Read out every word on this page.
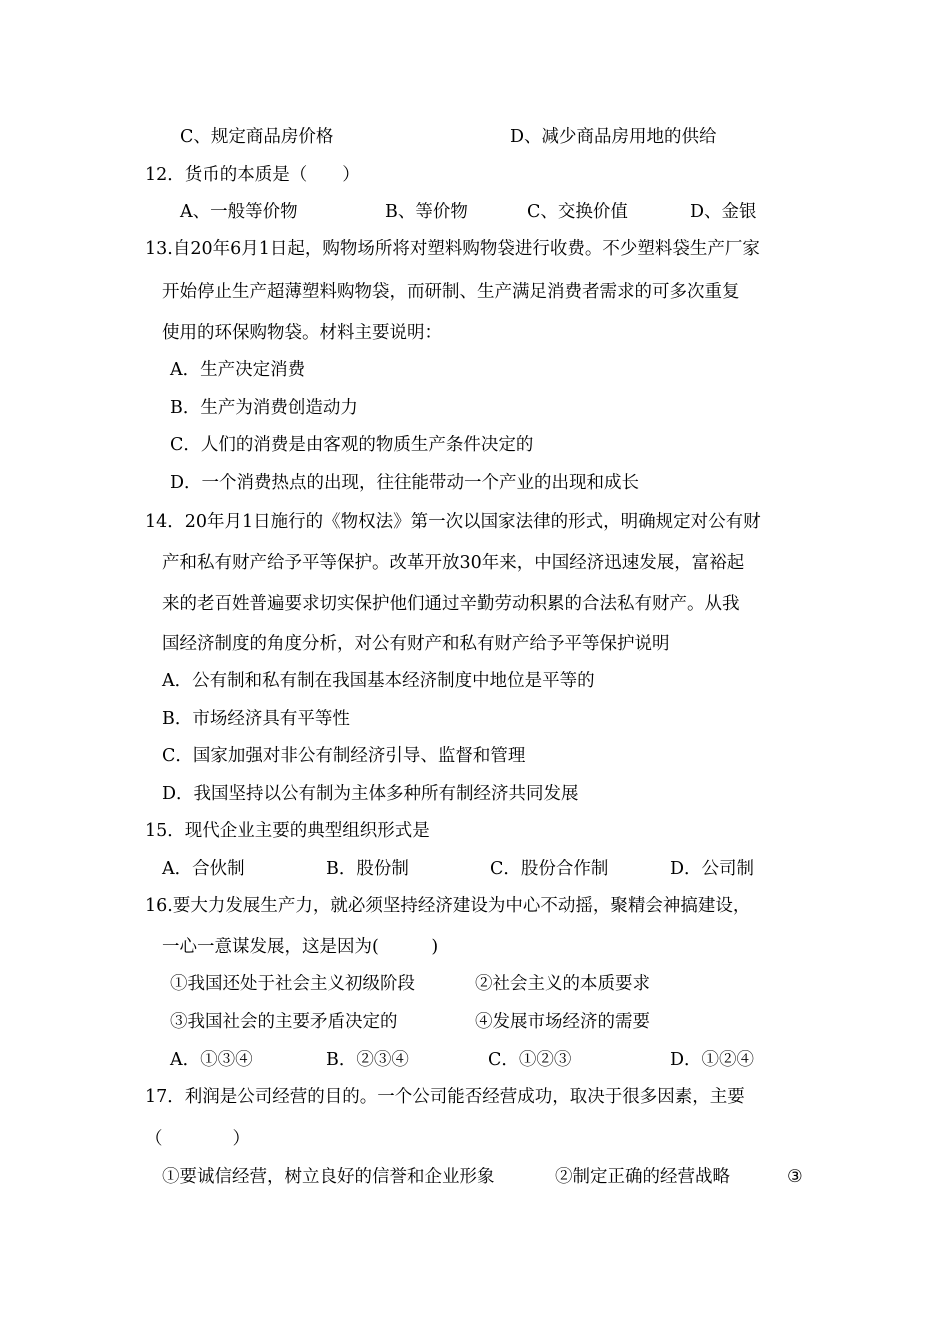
C、规定商品房价格

	D、减少商品房用地的供给

12．货币的本质是（　　）

A、一般等价物

	B、等价物

	C、交换价值

	D、金银

13.自20年6月1日起，购物场所将对塑料购物袋进行收费。不少塑料袋生产厂家
开始停止生产超薄塑料购物袋，而研制、生产满足消费者需求的可多次重复
使用的环保购物袋。材料主要说明：
A．生产决定消费
B．生产为消费创造动力
C．人们的消费是由客观的物质生产条件决定的
D．一个消费热点的出现，往往能带动一个产业的出现和成长
14．20年月1日施行的《物权法》第一次以国家法律的形式，明确规定对公有财
产和私有财产给予平等保护。改革开放30年来，中国经济迅速发展，富裕起
来的老百姓普遍要求切实保护他们通过辛勤劳动积累的合法私有财产。从我
国经济制度的角度分析，对公有财产和私有财产给予平等保护说明
A．公有制和私有制在我国基本经济制度中地位是平等的
B．市场经济具有平等性
C．国家加强对非公有制经济引导、监督和管理
D．我国坚持以公有制为主体多种所有制经济共同发展
15．现代企业主要的典型组织形式是

A．合伙制

	B．股份制

	C．股份合作制

	D．公司制

16.要大力发展生产力，就必须坚持经济建设为中心不动摇，聚精会神搞建设，
一心一意谋发展，这是因为(　　　)

①我国还处于社会主义初级阶段

	②社会主义的本质要求

③我国社会的主要矛盾决定的

	④发展市场经济的需要

A．①③④

	B．②③④

	C．①②③

	D．①②④

17．利润是公司经营的目的。一个公司能否经营成功，取决于很多因素，主要
（　　　　）

①要诚信经营，树立良好的信誉和企业形象

	②制定正确的经营战略

	③
